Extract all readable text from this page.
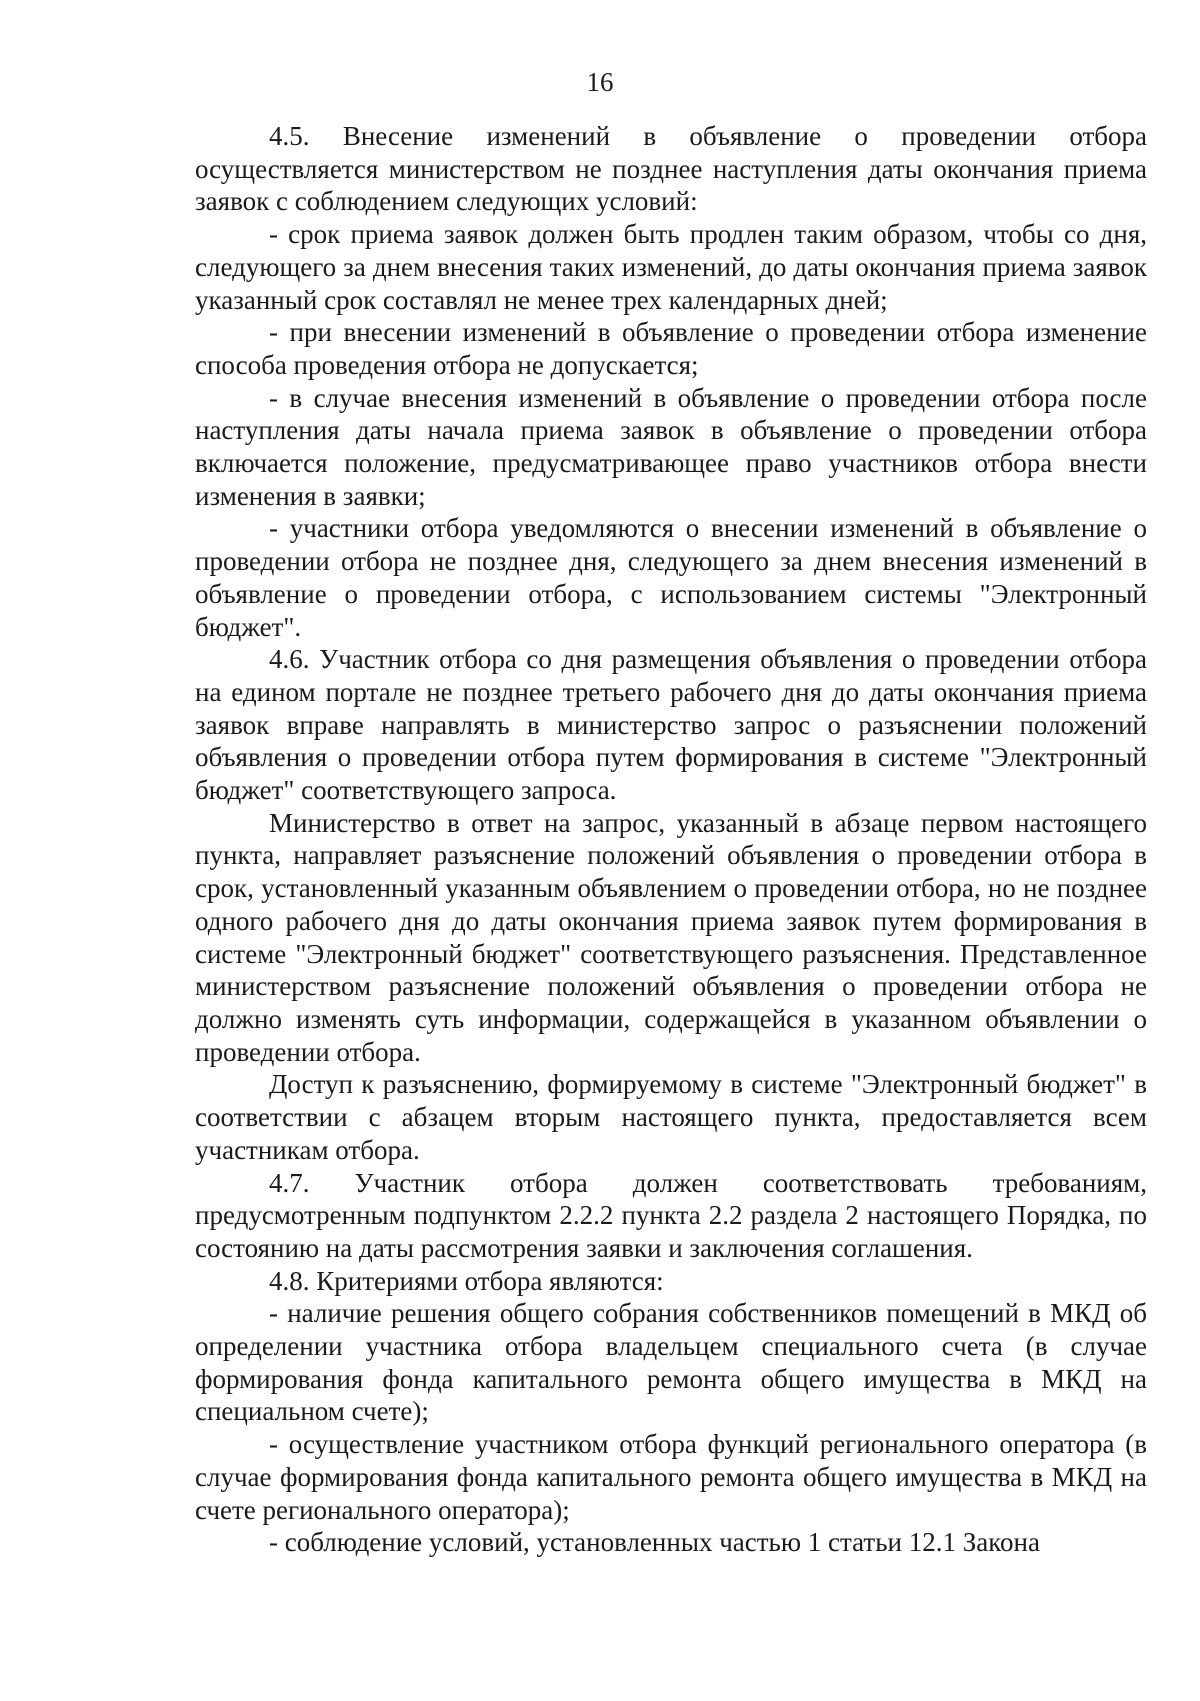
16

4.5. Внесение изменений в объявление о проведении отбора осуществляется министерством не позднее наступления даты окончания приема заявок с соблюдением следующих условий:

- срок приема заявок должен быть продлен таким образом, чтобы со дня, следующего за днем внесения таких изменений, до даты окончания приема заявок указанный срок составлял не менее трех календарных дней;

- при внесении изменений в объявление о проведении отбора изменение способа проведения отбора не допускается;

- в случае внесения изменений в объявление о проведении отбора после наступления даты начала приема заявок в объявление о проведении отбора включается положение, предусматривающее право участников отбора внести изменения в заявки;

- участники отбора уведомляются о внесении изменений в объявление о проведении отбора не позднее дня, следующего за днем внесения изменений в объявление о проведении отбора, с использованием системы "Электронный бюджет".

4.6. Участник отбора со дня размещения объявления о проведении отбора на едином портале не позднее третьего рабочего дня до даты окончания приема заявок вправе направлять в министерство запрос о разъяснении положений объявления о проведении отбора путем формирования в системе "Электронный бюджет" соответствующего запроса.

Министерство в ответ на запрос, указанный в абзаце первом настоящего пункта, направляет разъяснение положений объявления о проведении отбора в срок, установленный указанным объявлением о проведении отбора, но не позднее одного рабочего дня до даты окончания приема заявок путем формирования в системе "Электронный бюджет" соответствующего разъяснения. Представленное министерством разъяснение положений объявления о проведении отбора не должно изменять суть информации, содержащейся в указанном объявлении о проведении отбора.

Доступ к разъяснению, формируемому в системе "Электронный бюджет" в соответствии с абзацем вторым настоящего пункта, предоставляется всем участникам отбора.

4.7. Участник отбора должен соответствовать требованиям, предусмотренным подпунктом 2.2.2 пункта 2.2 раздела 2 настоящего Порядка, по состоянию на даты рассмотрения заявки и заключения соглашения.

4.8. Критериями отбора являются:

- наличие решения общего собрания собственников помещений в МКД об определении участника отбора владельцем специального счета (в случае формирования фонда капитального ремонта общего имущества в МКД на специальном счете);

- осуществление участником отбора функций регионального оператора (в случае формирования фонда капитального ремонта общего имущества в МКД на счете регионального оператора);

- соблюдение условий, установленных частью 1 статьи 12.1 Закона
